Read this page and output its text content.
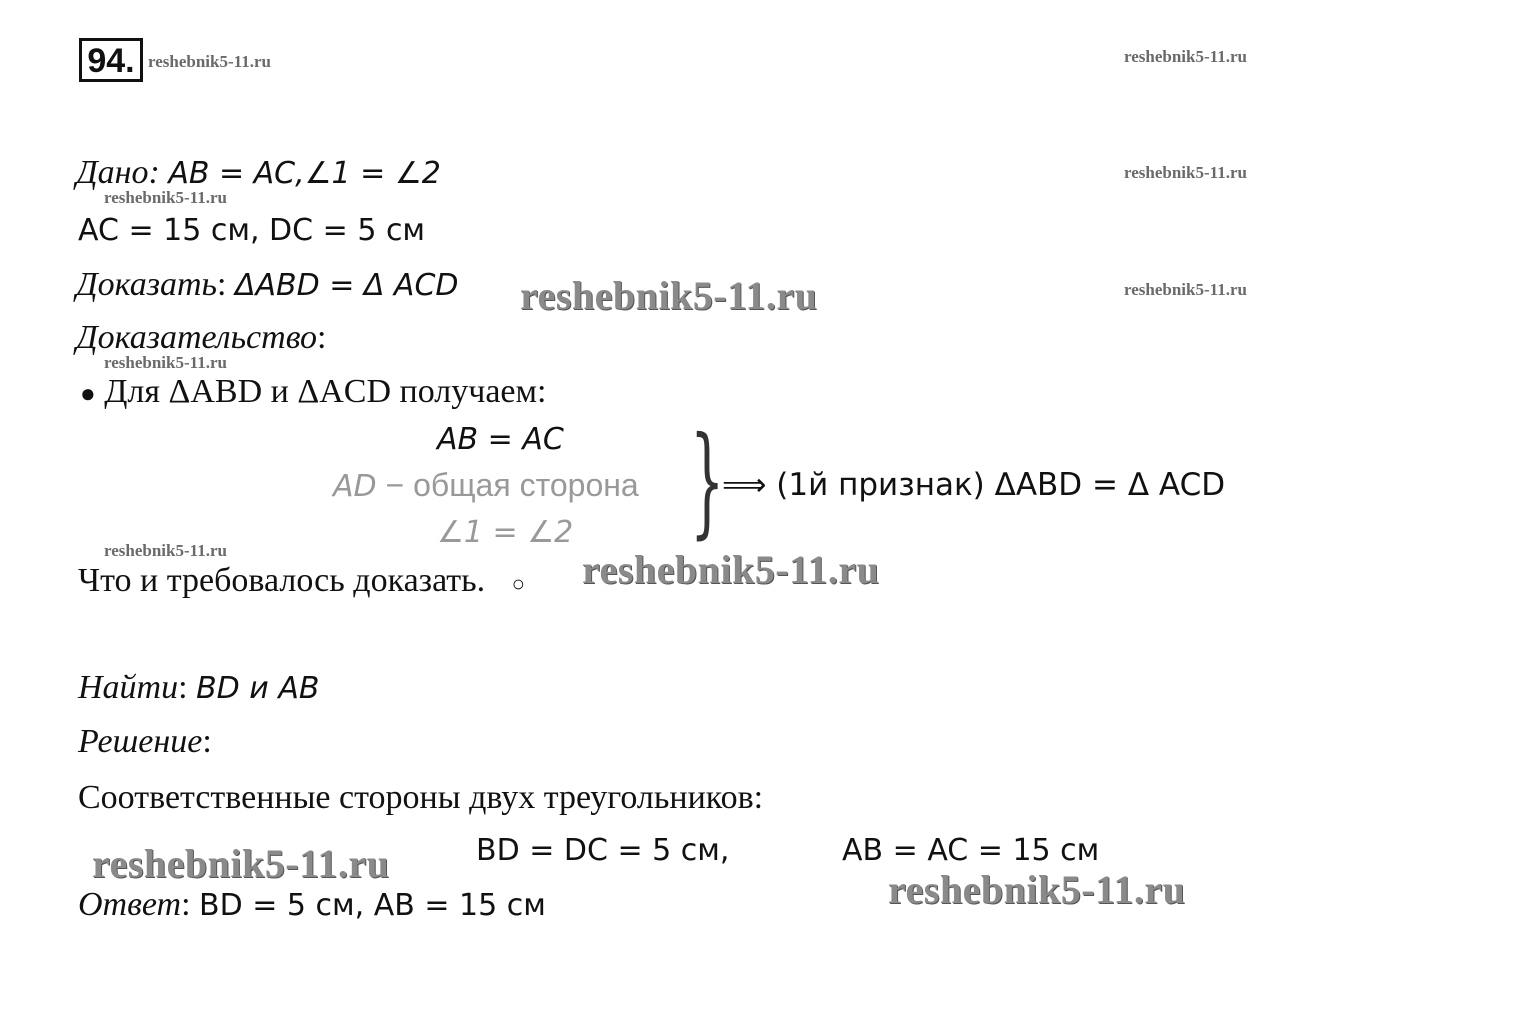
94. reshebnik5-11.ru	reshebnik5-11.ru
reshebnik5-11.ru
reshebnik5-11.ru
reshebnik5-11.ru
reshebnik5-11.ru
reshebnik5-11.ru
Дано: AB = AC,∠1 = ∠2
AC = 15 см, DC = 5 см
Доказать: ΔABD = Δ ACD reshebnik5-11.ru
Доказательство:
● Для ΔABD и ΔACD получаем:
AB = AC
AD − общая сторона
∠1 = ∠2 }
⟹ (1й признак) ΔABD = Δ ACD
Что и требовалось доказать. ○ reshebnik5-11.ru
Найти: BD и AB
Решение:
Соответственные стороны двух треугольников:
reshebnik5-11.ru	BD = DC = 5 см,	AB = AC = 15 см
Ответ: BD = 5 см, AB = 15 см	reshebnik5-11.ru
